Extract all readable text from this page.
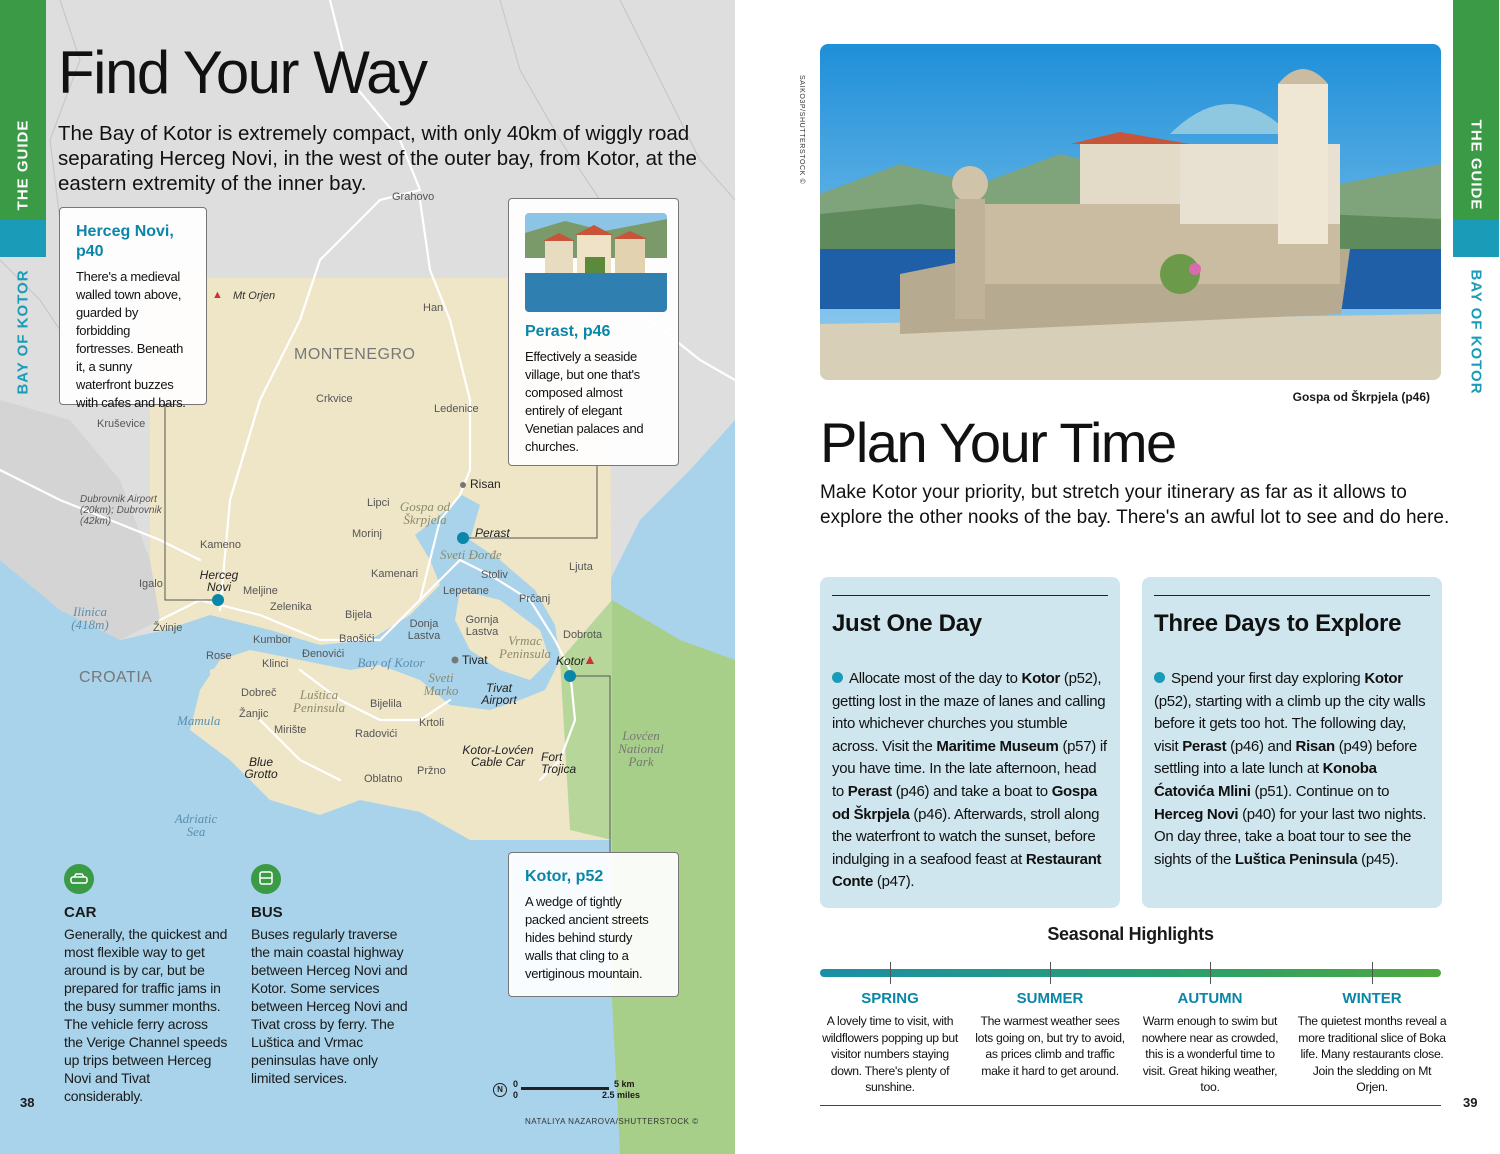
THE GUIDE
BAY OF KOTOR
Find Your Way
The Bay of Kotor is extremely compact, with only 40km of wiggly road separating Herceg Novi, in the west of the outer bay, from Kotor, at the eastern extremity of the inner bay.
Grahovo
▲ Mt Orjen
Han
MONTENEGRO
Crkvice
Ledenice
Kruševice
Risan
Dubrovnik Airport (20km); Dubrovnik (42km)
Lipci Gospa od Škrpjela
Perast
Morinj
Kameno
Sveti Đorđe
Ljuta
Kamenari	Stoliv
Igalo
Herceg Novi	Meljine	Lepetane
Prčanj
Ilinica (418m)
Zelenika
Bijela
Donja Lastva
Gornja Lastva
Žvinje
Kumbor	Baošići	Vrmac Peninsula
Dobrota
Rose	Đenovići
Bay of Kotor	Tivat	Kotor
▲
CROATIA
Klinci
Sveti Marko
Dobreč	Luštica Peninsula
Tivat Airport
Mamula Žanjic
Bijelila
Krtoli
Mirište	Radovići
Kotor-Lovćen Cable Car	Fort Trojica
Lovćen National Park
Blue Grotto	Oblatno
Pržno
Adriatic Sea
Herceg Novi, p40

There's a medieval walled town above, guarded by forbidding fortresses. Beneath it, a sunny waterfront buzzes with cafes and bars.

Perast, p46

Effectively a seaside village, but one that's composed almost entirely of elegant Venetian palaces and churches.

Kotor, p52

A wedge of tightly packed ancient streets hides behind sturdy walls that cling to a vertiginous mountain.

CAR

Generally, the quickest and most flexible way to get around is by car, but be prepared for traffic jams in the busy summer months. The vehicle ferry across the Verige Channel speeds up trips between Herceg Novi and Tivat considerably.

BUS

Buses regularly traverse the main coastal highway between Herceg Novi and Kotor. Some services between Herceg Novi and Tivat cross by ferry. The Luštica and Vrmac peninsulas have only limited services.

N
0
0
5 km
2.5 miles
38
NATALIYA NAZAROVA/SHUTTERSTOCK ©
SAIKO3P/SHUTTERSTOCK ©
Gospa od Škrpjela (p46)
Plan Your Time
Make Kotor your priority, but stretch your itinerary as far as it allows to explore the other nooks of the bay. There's an awful lot to see and do here.
Just One Day

Allocate most of the day to Kotor (p52), getting lost in the maze of lanes and calling into whichever churches you stumble across. Visit the Maritime Museum (p57) if you have time. In the late afternoon, head to Perast (p46) and take a boat to Gospa od Škrpjela (p46). Afterwards, stroll along the waterfront to watch the sunset, before indulging in a seafood feast at Restaurant Conte (p47).

Three Days to Explore

Spend your first day exploring Kotor (p52), starting with a climb up the city walls before it gets too hot. The following day, visit Perast (p46) and Risan (p49) before settling into a late lunch at Konoba Ćatovića Mlini (p51). Continue on to Herceg Novi (p40) for your last two nights. On day three, take a boat tour to see the sights of the Luštica Peninsula (p45).

Seasonal Highlights
SPRING

A lovely time to visit, with wildflowers popping up but visitor numbers staying down. There's plenty of sunshine.

SUMMER

The warmest weather sees lots going on, but try to avoid, as prices climb and traffic make it hard to get around.

AUTUMN

Warm enough to swim but nowhere near as crowded, this is a wonderful time to visit. Great hiking weather, too.

WINTER

The quietest months reveal a more traditional slice of Boka life. Many restaurants close. Join the sledding on Mt Orjen.

THE GUIDE
BAY OF KOTOR
39
